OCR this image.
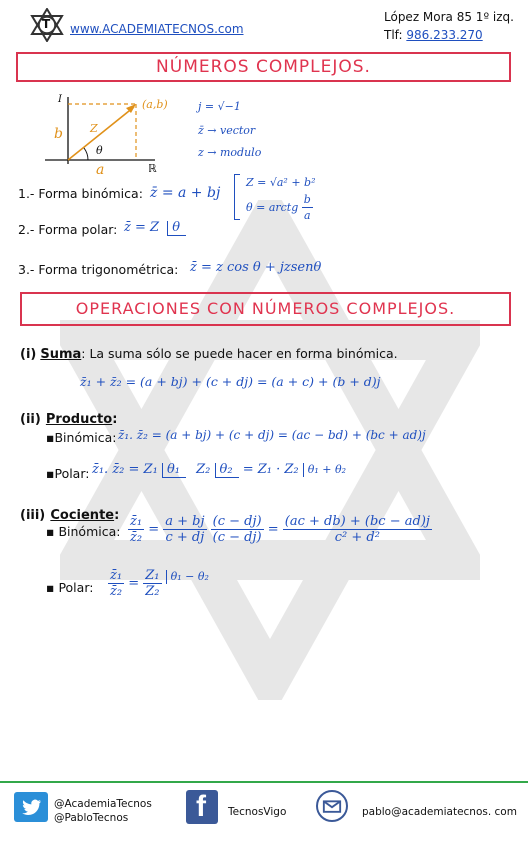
T www.ACADEMIATECNOS.com
López Mora 85 1º izq.
Tlf: 986.233.270
NÚMEROS COMPLEJOS.
I	(a,b)
b Z
θ
a	ℝ
j = √−1
z̄ → vector
z → modulo
1.- Forma binómica: z̄ = a + bj
Z = √a² + b²
θ = arctg $\frac{b}{a}$
2.- Forma polar: z̄ = Z θ
3.- Forma trigonométrica: z̄ = z cos θ + jzsenθ
OPERACIONES CON NÚMEROS COMPLEJOS.
(i) Suma: La suma sólo se puede hacer en forma binómica.
z̄₁ + z̄₂ = (a + bj) + (c + dj) = (a + c) + (b + d)j
(ii) Producto:
▪Binómica: z̄₁. z̄₂ = (a + bj) + (c + dj) = (ac − bd) + (bc + ad)j
▪Polar: z̄₁. z̄₂ = Z₁ θ₁ Z₂ θ₂ = Z₁ · Z₂ θ₁ + θ₂
(iii) Cociente:
▪ Binómica: $\frac{\text{z̄₁}}{\text{z̄₂}} = \frac{a + bj}{c + dj}$
$\frac{(c - dj)}{(c - dj)} = \frac{(ac + db) + (bc - ad)j}{\text{c² + d²}}$
▪ Polar: $\frac{\text{z̄₁}}{\text{z̄₂}} = \frac{\text{Z₁}}{\text{Z₂}} \theta_1 - \theta_2$
@AcademiaTecnos
@PabloTecnos f TecnosVigo	pablo@academiatecnos. com
